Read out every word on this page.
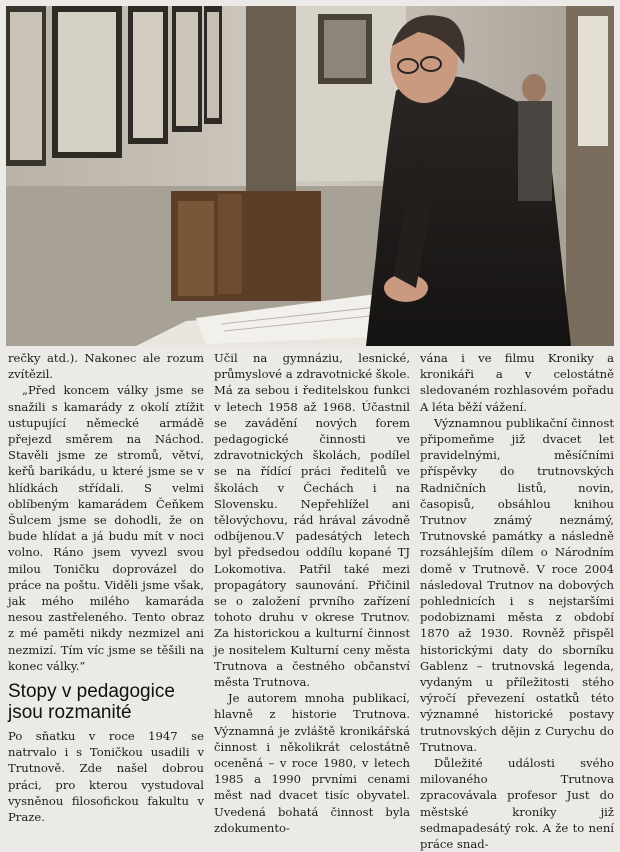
rečky atd.). Nakonec ale rozum zvítězil.

„Před koncem války jsme se snažili s kamarády z okolí ztížit ustupující německé armádě přejezd směrem na Náchod. Stavěli jsme ze stromů, větví, keřů barikádu, u které jsme se v hlídkách střídali. S velmi oblíbeným kamarádem Čeňkem Šulcem jsme se dohodli, že on bude hlídat a já budu mít v noci volno. Ráno jsem vyvezl svou milou Toničku doprovázel do práce na poštu. Viděli jsme však, jak mého milého kamaráda nesou zastřeleného. Tento obraz z mé paměti nikdy nezmizel ani nezmizí. Tím víc jsme se těšili na konec války.“

Stopy v pedagogice jsou rozmanité

Po sňatku v roce 1947 se natrvalo i s Toničkou usadili v Trutnově. Zde našel dobrou práci, pro kterou vystudoval vysněnou filosofickou fakultu v Praze.

Učil na gymnáziu, lesnické, průmyslové a zdravotnické škole. Má za sebou i ředitelskou funkci v letech 1958 až 1968. Účastnil se zavádění nových forem pedagogické činnosti ve zdravotnických školách, podílel se na řídící práci ředitelů ve školách v Čechách i na Slovensku. Nepřehlížel ani tělovýchovu, rád hrával závodně odbíjenou.V padesátých letech byl předsedou oddílu kopané TJ Lokomotiva. Patřil také mezi propagátory saunování. Přičinil se o založení prvního zařízení tohoto druhu v okrese Trutnov. Za historickou a kulturní činnost je nositelem Kulturní ceny města Trutnova a čestného občanství města Trutnova.

Je autorem mnoha publikací, hlavně z historie Trutnova. Významná je zvláště kronikářská činnost i několikrát celostátně oceněná – v roce 1980, v letech 1985 a 1990 prvními cenami měst nad dvacet tisíc obyvatel. Uvedená bohatá činnost byla zdokumento-

vána i ve filmu Kroniky a kronikáři a v celostátně sledovaném rozhlasovém pořadu A léta běží vážení.

Významnou publikační činnost připomeňme již dvacet let pravidelnými, měsíčními příspěvky do trutnovských Radničních listů, novin, časopisů, obsáhlou knihou Trutnov známý neznámý, Trutnovské památky a následně rozsáhlejším dílem o Národním domě v Trutnově. V roce 2004 následoval Trutnov na dobových pohlednicích i s nejstaršími podobiznami města z období 1870 až 1930. Rovněž přispěl historickými daty do sborníku Gablenz – trutnovská legenda, vydaným u příležitosti stého výročí převezení ostatků této významné historické postavy trutnovských dějin z Curychu do Trutnova.

Důležité události svého milovaného Trutnova zpracovávala profesor Just do městské kroniky již sedmapadesátý rok. A že to není práce snad-
